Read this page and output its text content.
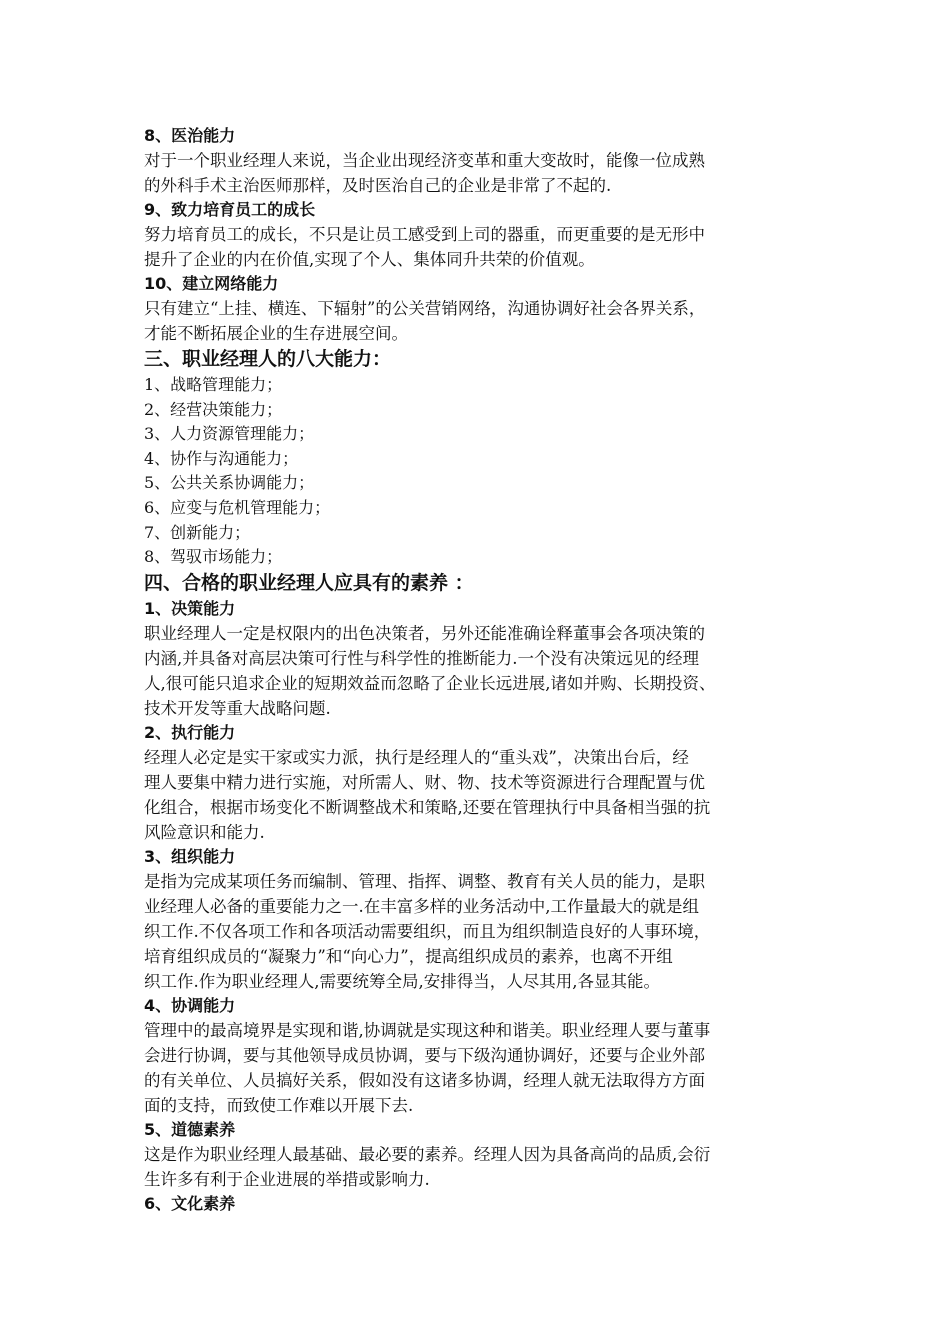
8、医治能力
对于一个职业经理人来说，当企业出现经济变革和重大变故时，能像一位成熟
的外科手术主治医师那样，及时医治自己的企业是非常了不起的.
9、致力培育员工的成长
努力培育员工的成长，不只是让员工感受到上司的器重，而更重要的是无形中
提升了企业的内在价值,实现了个人、集体同升共荣的价值观。
10、建立网络能力
只有建立“上挂、横连、下辐射”的公关营销网络，沟通协调好社会各界关系，
才能不断拓展企业的生存进展空间。
三、职业经理人的八大能力：
1、战略管理能力；
2、经营决策能力；
3、人力资源管理能力；
4、协作与沟通能力；
5、公共关系协调能力；
6、应变与危机管理能力；
7、创新能力；
8、驾驭市场能力；
四、合格的职业经理人应具有的素养 ：
1、决策能力
职业经理人一定是权限内的出色决策者，另外还能准确诠释董事会各项决策的
内涵,并具备对高层决策可行性与科学性的推断能力.一个没有决策远见的经理
人,很可能只追求企业的短期效益而忽略了企业长远进展,诸如并购、长期投资、
技术开发等重大战略问题.
2、执行能力
经理人必定是实干家或实力派，执行是经理人的“重头戏”，决策出台后，经
理人要集中精力进行实施，对所需人、财、物、技术等资源进行合理配置与优
化组合，根据市场变化不断调整战术和策略,还要在管理执行中具备相当强的抗
风险意识和能力.
3、组织能力
是指为完成某项任务而编制、管理、指挥、调整、教育有关人员的能力，是职
业经理人必备的重要能力之一.在丰富多样的业务活动中,工作量最大的就是组
织工作.不仅各项工作和各项活动需要组织，而且为组织制造良好的人事环境，
培育组织成员的“凝聚力”和“向心力”，提高组织成员的素养，也离不开组
织工作.作为职业经理人,需要统筹全局,安排得当，人尽其用,各显其能。
4、协调能力
管理中的最高境界是实现和谐,协调就是实现这种和谐美。职业经理人要与董事
会进行协调，要与其他领导成员协调，要与下级沟通协调好，还要与企业外部
的有关单位、人员搞好关系，假如没有这诸多协调，经理人就无法取得方方面
面的支持，而致使工作难以开展下去.
5、道德素养
这是作为职业经理人最基础、最必要的素养。经理人因为具备高尚的品质,会衍
生许多有利于企业进展的举措或影响力.
6、文化素养
